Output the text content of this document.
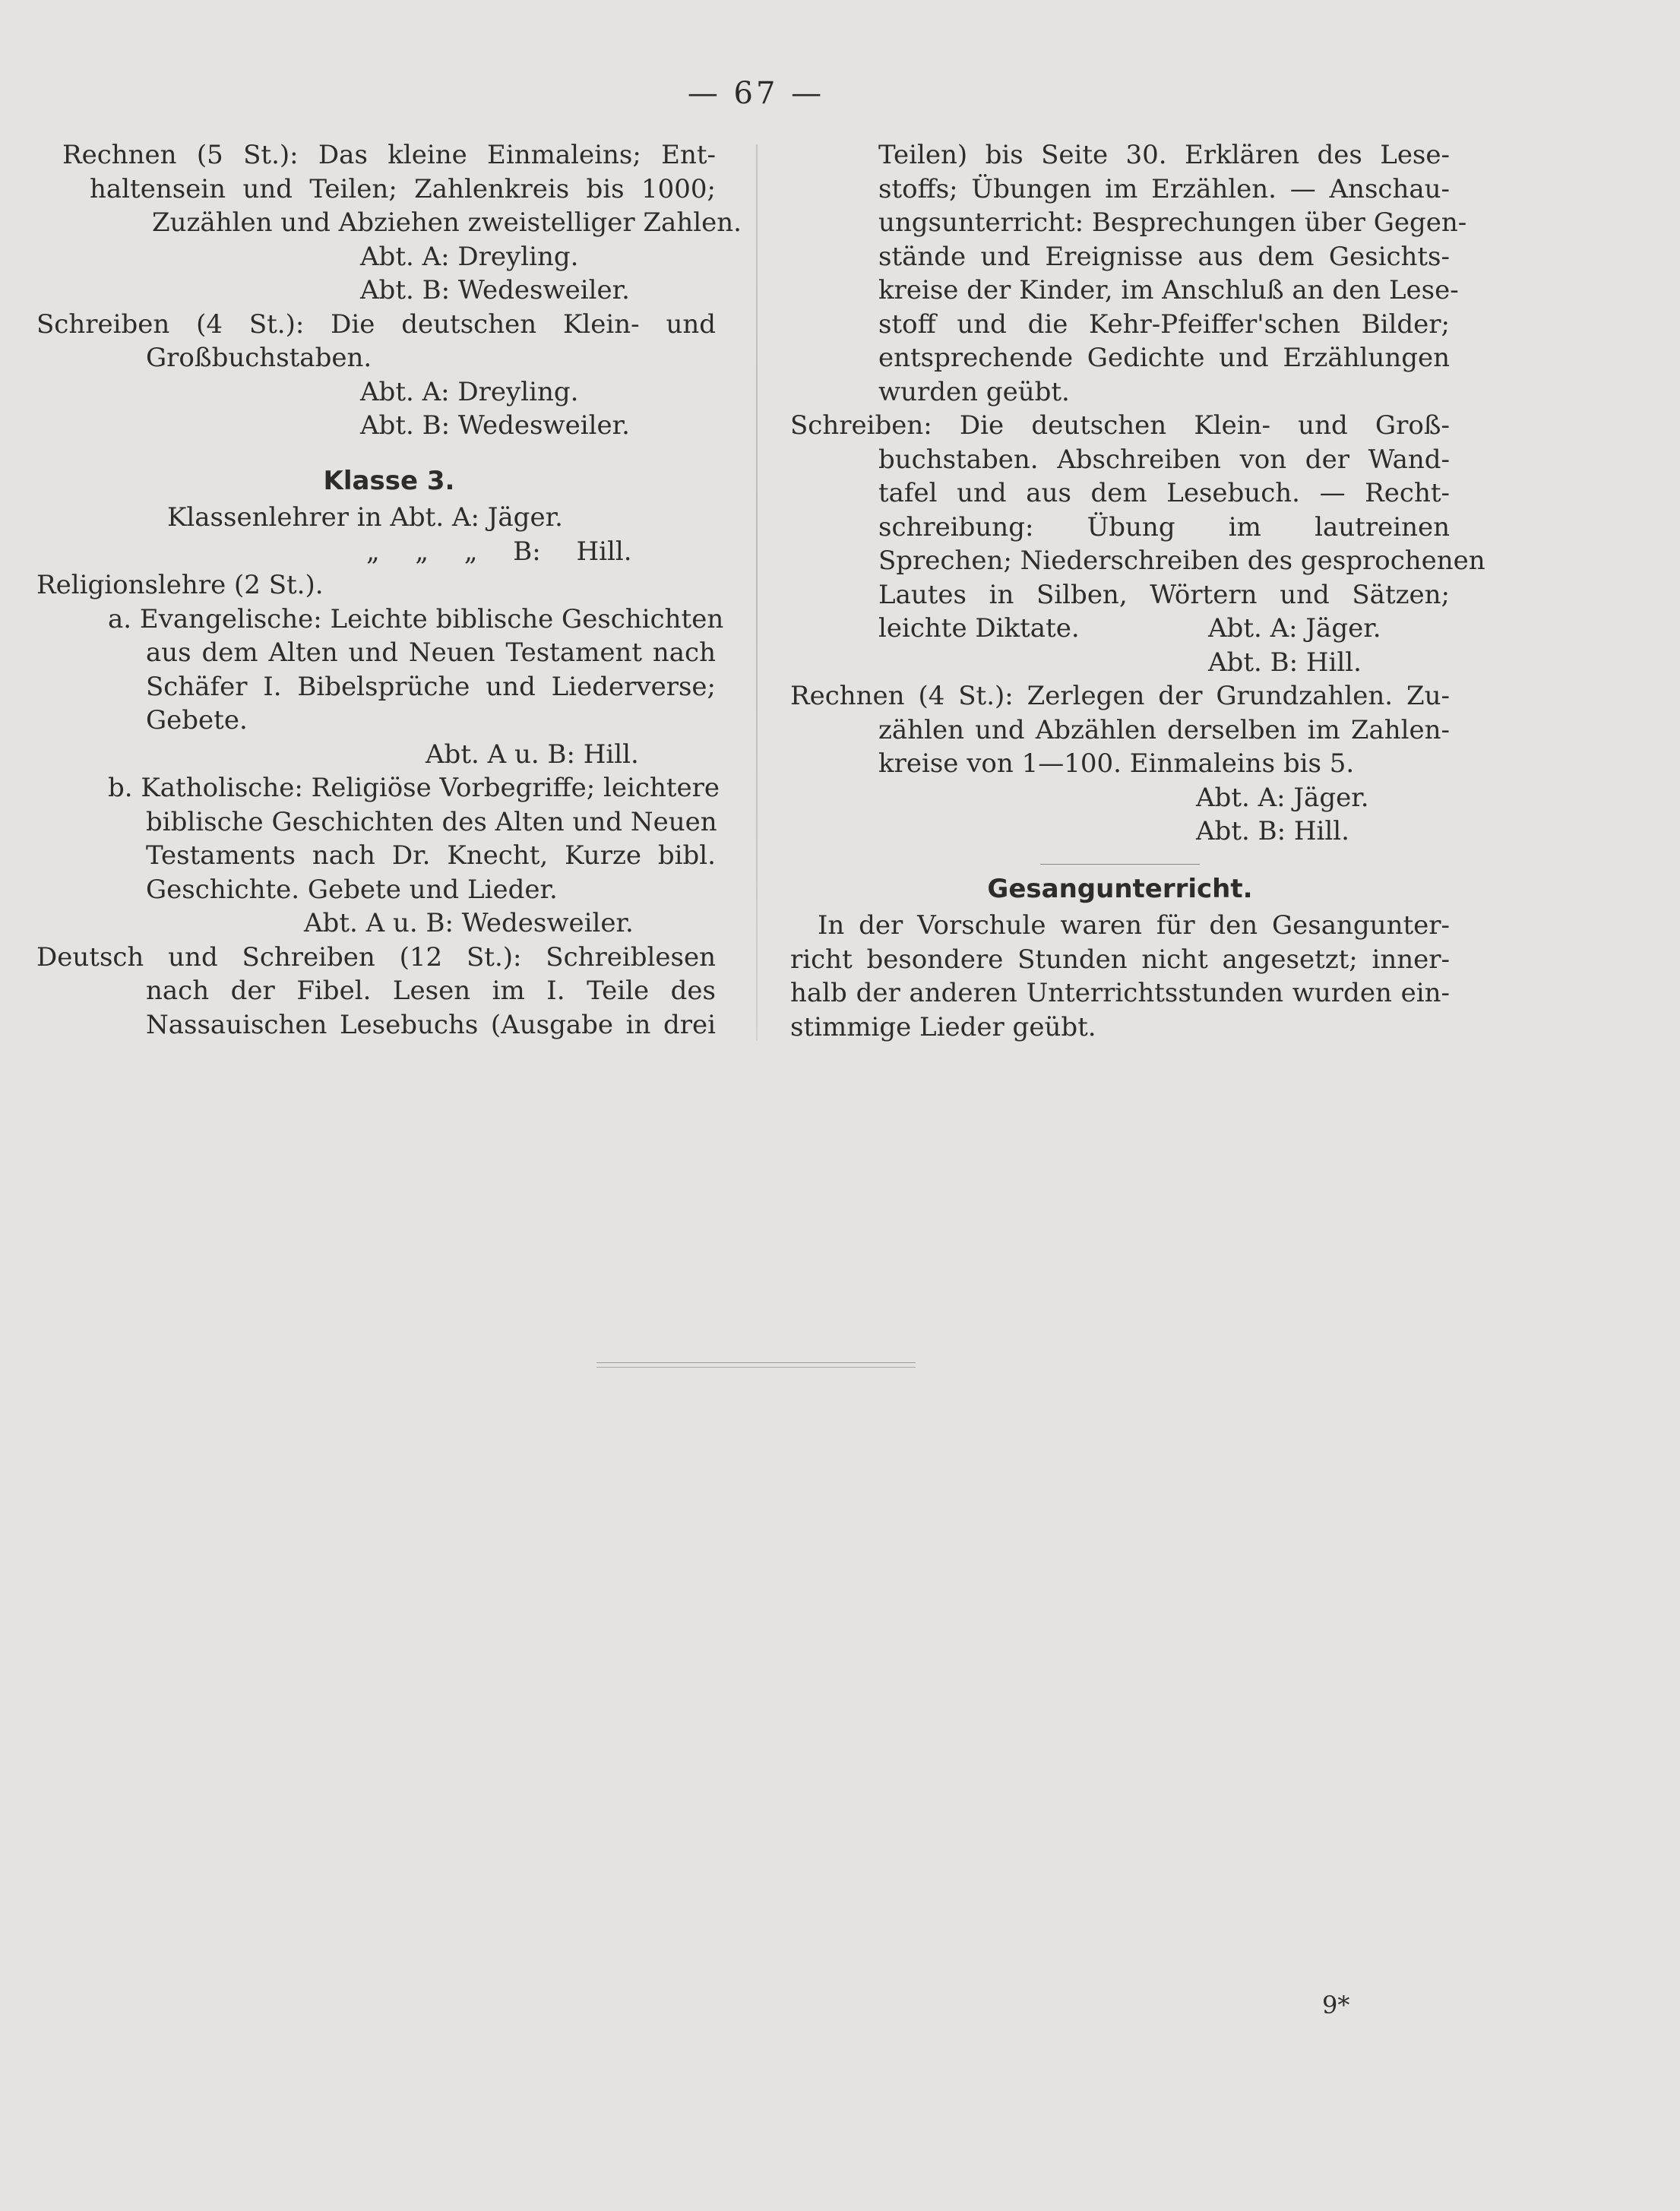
— 67 —
Rechnen (5 St.): Das kleine Einmaleins; Ent-
haltensein und Teilen; Zahlenkreis bis 1000;
Zuzählen und Abziehen zweistelliger Zahlen.
Abt. A: Dreyling.
Abt. B: Wedesweiler.
Schreiben (4 St.): Die deutschen Klein- und
Großbuchstaben.
Abt. A: Dreyling.
Abt. B: Wedesweiler.
Klasse 3.
Klassenlehrer in Abt. A: Jäger.
„ „ „ B: Hill.
Religionslehre (2 St.).
a. Evangelische: Leichte biblische Geschichten
aus dem Alten und Neuen Testament nach
Schäfer I. Bibelsprüche und Liederverse;
Gebete.
Abt. A u. B: Hill.
b. Katholische: Religiöse Vorbegriffe; leichtere
biblische Geschichten des Alten und Neuen
Testaments nach Dr. Knecht, Kurze bibl.
Geschichte. Gebete und Lieder.
Abt. A u. B: Wedesweiler.
Deutsch und Schreiben (12 St.): Schreiblesen
nach der Fibel. Lesen im I. Teile des
Nassauischen Lesebuchs (Ausgabe in drei
Teilen) bis Seite 30. Erklären des Lese-
stoffs; Übungen im Erzählen. — Anschau-
ungsunterricht: Besprechungen über Gegen-
stände und Ereignisse aus dem Gesichts-
kreise der Kinder, im Anschluß an den Lese-
stoff und die Kehr-Pfeiffer'schen Bilder;
entsprechende Gedichte und Erzählungen
wurden geübt.
Schreiben: Die deutschen Klein- und Groß-
buchstaben. Abschreiben von der Wand-
tafel und aus dem Lesebuch. — Recht-
schreibung: Übung im lautreinen
Sprechen; Niederschreiben des gesprochenen
Lautes in Silben, Wörtern und Sätzen;
leichte Diktate.	Abt. A: Jäger.
Abt. B: Hill.
Rechnen (4 St.): Zerlegen der Grundzahlen. Zu-
zählen und Abzählen derselben im Zahlen-
kreise von 1—100. Einmaleins bis 5.
Abt. A: Jäger.
Abt. B: Hill.
Gesangunterricht.
In der Vorschule waren für den Gesangunter-
richt besondere Stunden nicht angesetzt; inner-
halb der anderen Unterrichtsstunden wurden ein-
stimmige Lieder geübt.
9*
